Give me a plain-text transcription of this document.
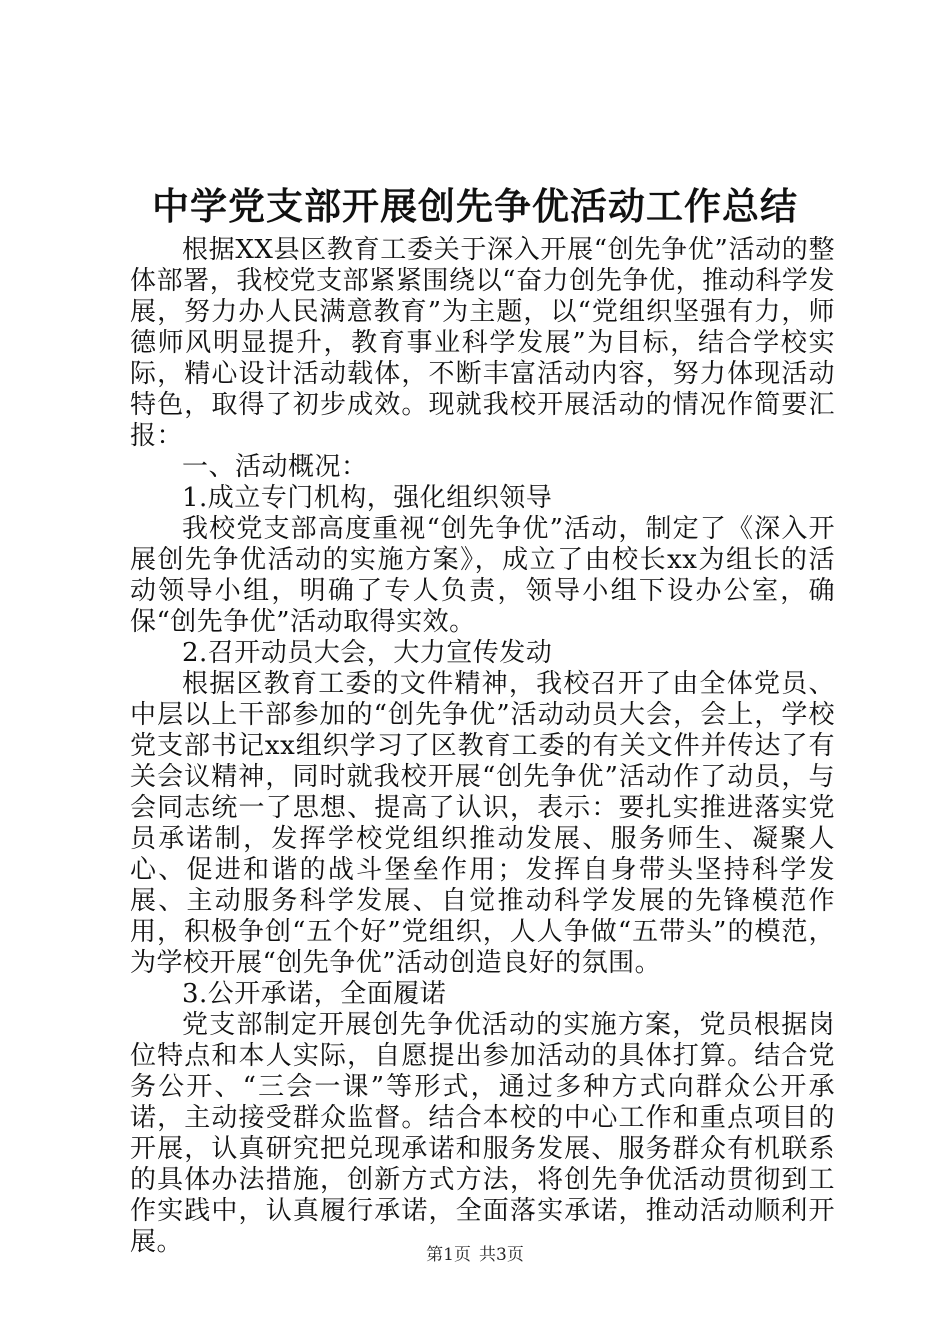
中学党支部开展创先争优活动工作总结

根据XX县区教育工委关于深入开展“创先争优”活动的整体部署，我校党支部紧紧围绕以“奋力创先争优，推动科学发展，努力办人民满意教育”为主题，以“党组织坚强有力，师德师风明显提升，教育事业科学发展”为目标，结合学校实际，精心设计活动载体，不断丰富活动内容，努力体现活动特色，取得了初步成效。现就我校开展活动的情况作简要汇报：

一、活动概况：

1.成立专门机构，强化组织领导

我校党支部高度重视“创先争优”活动，制定了《深入开展创先争优活动的实施方案》，成立了由校长xx为组长的活动领导小组，明确了专人负责，领导小组下设办公室，确保“创先争优”活动取得实效。

2.召开动员大会，大力宣传发动

根据区教育工委的文件精神，我校召开了由全体党员、中层以上干部参加的“创先争优”活动动员大会，会上，学校党支部书记xx组织学习了区教育工委的有关文件并传达了有关会议精神，同时就我校开展“创先争优”活动作了动员，与会同志统一了思想、提高了认识，表示：要扎实推进落实党员承诺制，发挥学校党组织推动发展、服务师生、凝聚人心、促进和谐的战斗堡垒作用；发挥自身带头坚持科学发展、主动服务科学发展、自觉推动科学发展的先锋模范作用，积极争创“五个好”党组织，人人争做“五带头”的模范，为学校开展“创先争优”活动创造良好的氛围。

3.公开承诺，全面履诺

党支部制定开展创先争优活动的实施方案，党员根据岗位特点和本人实际，自愿提出参加活动的具体打算。结合党务公开、“三会一课”等形式，通过多种方式向群众公开承诺，主动接受群众监督。结合本校的中心工作和重点项目的开展，认真研究把兑现承诺和服务发展、服务群众有机联系的具体办法措施，创新方式方法，将创先争优活动贯彻到工作实践中，认真履行承诺，全面落实承诺，推动活动顺利开展。	第1页 共3页
